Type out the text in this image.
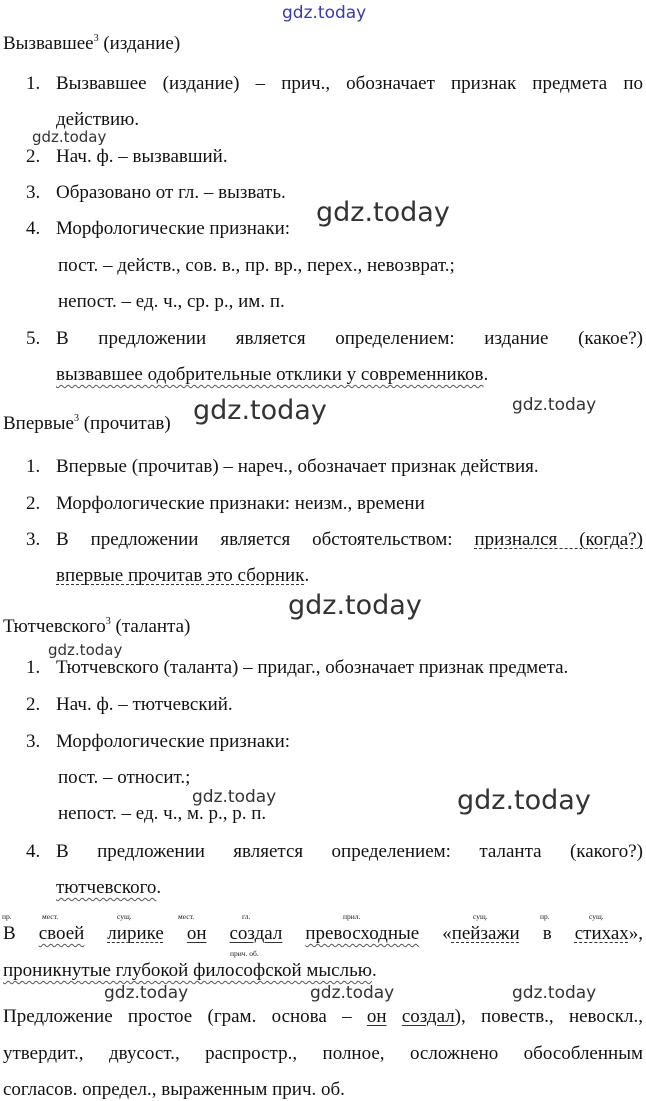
gdz.today
gdz.today
gdz.today
gdz.today	gdz.today
gdz.today
gdz.today
gdz.today	gdz.today
gdz.today	gdz.today	gdz.today
Вызвавшее$^3$ (издание)
1. Вызвавшее (издание) – прич., обозначает признак предмета по
действию.
2. Нач. ф. – вызвавший.
3. Образовано от гл. – вызвать.
4. Морфологические признаки:
пост. – действ., сов. в., пр. вр., перех., невозврат.;
непост. – ед. ч., ср. р., им. п.
5. В предложении является определением: издание (какое?)
вызвавшее одобрительные отклики у современников.
Впервые$^3$ (прочитав)
1. Впервые (прочитав) – нареч., обозначает признак действия.
2. Морфологические признаки: неизм., времени
3. В предложении является обстоятельством: признался (когда?)
впервые прочитав это сборник.
Тютчевского$^3$ (таланта)
1. Тютчевского (таланта) – придаг., обозначает признак предмета.
2. Нач. ф. – тютчевский.
3. Морфологические признаки:
пост. – относит.;
непост. – ед. ч., м. р., р. п.
4. В предложении является определением: таланта (какого?)
тютчевского.
пр.	мест.	сущ.	мест.	гл.	прил.	сущ.	пр.	сущ.
прич. об.
В своей лирике он создал превосходные «пейзажи в стихах»,
проникнутые глубокой философской мыслью.
Предложение простое (грам. основа – он создал), повеств., невоскл.,
утвердит., двусост., распростр., полное, осложнено обособленным
согласов. определ., выраженным прич. об.
